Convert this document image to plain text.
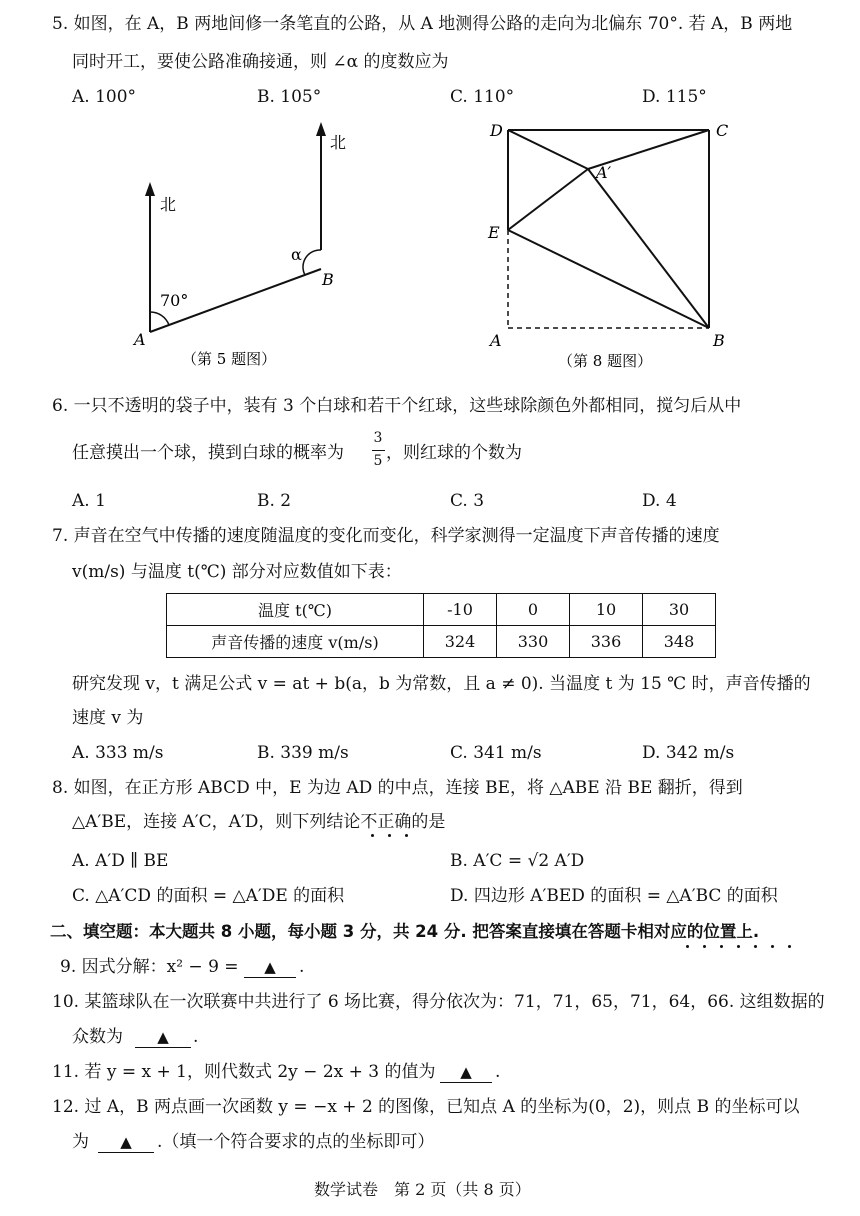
5. 如图，在 A，B 两地间修一条笔直的公路，从 A 地测得公路的走向为北偏东 70°. 若 A，B 两地
同时开工，要使公路准确接通，则 ∠α 的度数应为
A. 100°	B. 105°	C. 110°	D. 115°
北
北
70°
α
A
B
（第 5 题图）
D	C
A′
E
A	B
（第 8 题图）
6. 一只不透明的袋子中，装有 3 个白球和若干个红球，这些球除颜色外都相同，搅匀后从中
任意摸出一个球，摸到白球的概率为
3
5 ，则红球的个数为
A. 1	B. 2	C. 3	D. 4
7. 声音在空气中传播的速度随温度的变化而变化，科学家测得一定温度下声音传播的速度
v(m/s) 与温度 t(℃) 部分对应数值如下表：
温度 t(℃)	-10	0	10	30
声音传播的速度 v(m/s)	324	330	336	348
研究发现 v，t 满足公式 v = at + b(a，b 为常数，且 a ≠ 0). 当温度 t 为 15 ℃ 时，声音传播的
速度 v 为
A. 333 m/s	B. 339 m/s	C. 341 m/s	D. 342 m/s
8. 如图，在正方形 ABCD 中，E 为边 AD 的中点，连接 BE，将 △ABE 沿 BE 翻折，得到
△A′BE，连接 A′C，A′D，则下列结论不正确的是
A. A′D ∥ BE	B. A′C = √2 A′D
C. △A′CD 的面积 = △A′DE 的面积	D. 四边形 A′BED 的面积 = △A′BC 的面积
二、填空题：本大题共 8 小题，每小题 3 分，共 24 分. 把答案直接填在答题卡相对应的位置上.
9. 因式分解：x² − 9 =	▲	.
10. 某篮球队在一次联赛中共进行了 6 场比赛，得分依次为：71，71，65，71，64，66. 这组数据的
众数为	▲	.
11. 若 y = x + 1，则代数式 2y − 2x + 3 的值为	▲	.
12. 过 A，B 两点画一次函数 y = −x + 2 的图像，已知点 A 的坐标为(0，2)，则点 B 的坐标可以
为	▲	.（填一个符合要求的点的坐标即可）
数学试卷　第 2 页（共 8 页）
